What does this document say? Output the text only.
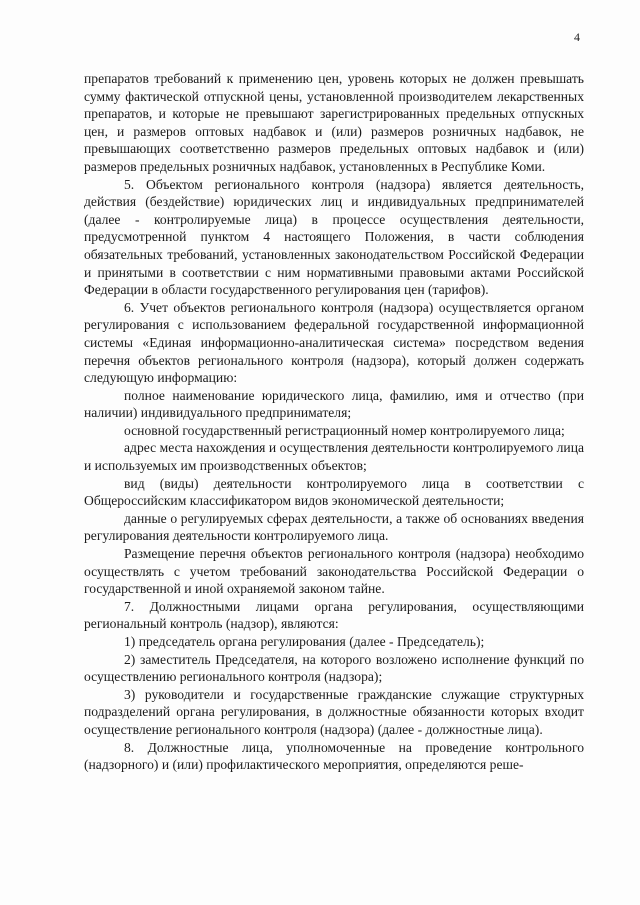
4

препаратов требований к применению цен, уровень которых не должен превышать сумму фактической отпускной цены, установленной производителем лекарственных препаратов, и которые не превышают зарегистрированных предельных отпускных цен, и размеров оптовых надбавок и (или) размеров розничных надбавок, не превышающих соответственно размеров предельных оптовых надбавок и (или) размеров предельных розничных надбавок, установленных в Республике Коми.

5. Объектом регионального контроля (надзора) является деятельность, действия (бездействие) юридических лиц и индивидуальных предпринимателей (далее - контролируемые лица) в процессе осуществления деятельности, предусмотренной пунктом 4 настоящего Положения, в части соблюдения обязательных требований, установленных законодательством Российской Федерации и принятыми в соответствии с ним нормативными правовыми актами Российской Федерации в области государственного регулирования цен (тарифов).

6. Учет объектов регионального контроля (надзора) осуществляется органом регулирования с использованием федеральной государственной информационной системы «Единая информационно-аналитическая система» посредством ведения перечня объектов регионального контроля (надзора), который должен содержать следующую информацию:

полное наименование юридического лица, фамилию, имя и отчество (при наличии) индивидуального предпринимателя;

основной государственный регистрационный номер контролируемого лица;

адрес места нахождения и осуществления деятельности контролируемого лица и используемых им производственных объектов;

вид (виды) деятельности контролируемого лица в соответствии с Общероссийским классификатором видов экономической деятельности;

данные о регулируемых сферах деятельности, а также об основаниях введения регулирования деятельности контролируемого лица.

Размещение перечня объектов регионального контроля (надзора) необходимо осуществлять с учетом требований законодательства Российской Федерации о государственной и иной охраняемой законом тайне.

7. Должностными лицами органа регулирования, осуществляющими региональный контроль (надзор), являются:

1) председатель органа регулирования (далее - Председатель);

2) заместитель Председателя, на которого возложено исполнение функций по осуществлению регионального контроля (надзора);

3) руководители и государственные гражданские служащие структурных подразделений органа регулирования, в должностные обязанности которых входит осуществление регионального контроля (надзора) (далее - должностные лица).

8. Должностные лица, уполномоченные на проведение контрольного (надзорного) и (или) профилактического мероприятия, определяются реше-
